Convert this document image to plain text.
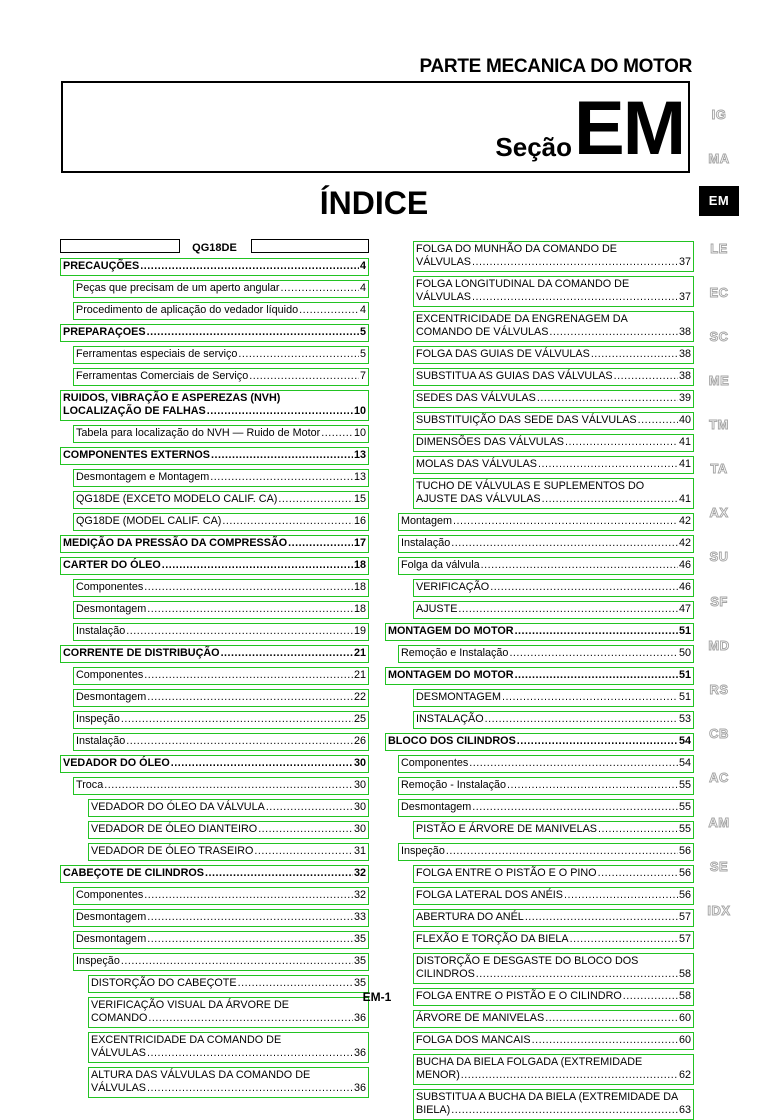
PARTE MECANICA DO MOTOR
Seção EM
ÍNDICE
IG
MA
EM
LE
EC
SC
ME
TM
TA
AX
SU
SF
MD
RS
CB
AC
AM
SE
IDX
QG18DE
PRECAUÇÕES .....	4
Peças que precisam de um aperto angular .....	4
Procedimento de aplicação do vedador líquido .....	4
PREPARAÇOES .....	5
Ferramentas especiais de serviço .....	5
Ferramentas Comerciais de Serviço .....	7
RUIDOS, VIBRAÇÃO E ASPEREZAS (NVH)
LOCALIZAÇÃO DE FALHAS .....	10
Tabela para localização do NVH — Ruido de Motor .....	10
COMPONENTES EXTERNOS .....	13
Desmontagem e Montagem .....	13
QG18DE (EXCETO MODELO CALIF. CA) .....	15
QG18DE (MODEL CALIF. CA) .....	16
MEDIÇÃO DA PRESSÃO DA COMPRESSÃO .....	17
CARTER DO ÓLEO .....	18
Componentes .....	18
Desmontagem .....	18
Instalação .....	19
CORRENTE DE DISTRIBUÇÃO .....	21
Componentes .....	21
Desmontagem .....	22
Inspeção .....	25
Instalação .....	26
VEDADOR DO ÓLEO .....	30
Troca .....	30
VEDADOR DO ÓLEO DA VÁLVULA .....	30
VEDADOR DE ÓLEO DIANTEIRO .....	30
VEDADOR DE ÓLEO TRASEIRO .....	31
CABEÇOTE DE CILINDROS .....	32
Componentes .....	32
Desmontagem .....	33
Desmontagem .....	35
Inspeção .....	35
DISTORÇÃO DO CABEÇOTE .....	35
VERIFICAÇÃO VISUAL DA ÁRVORE DE
COMANDO .....	36
EXCENTRICIDADE DA COMANDO DE
VÁLVULAS .....	36
ALTURA DAS VÁLVULAS DA COMANDO DE
VÁLVULAS .....	36
FOLGA DO MUNHÃO DA COMANDO DE
VÁLVULAS .....	37
FOLGA LONGITUDINAL DA COMANDO DE
VÁLVULAS .....	37
EXCENTRICIDADE DA ENGRENAGEM DA
COMANDO DE VÁLVULAS .....	38
FOLGA DAS GUIAS DE VÁLVULAS .....	38
SUBSTITUA AS GUIAS DAS VÁLVULAS .....	38
SEDES DAS VÁLVULAS .....	39
SUBSTITUIÇÃO DAS SEDE DAS VÁLVULAS .....	40
DIMENSÕES DAS VÁLVULAS .....	41
MOLAS DAS VÁLVULAS .....	41
TUCHO DE VÁLVULAS E SUPLEMENTOS DO
AJUSTE DAS VÁLVULAS .....	41
Montagem .....	42
Instalação .....	42
Folga da válvula .....	46
VERIFICAÇÃO .....	46
AJUSTE .....	47
MONTAGEM DO MOTOR .....	51
Remoção e Instalação .....	50
MONTAGEM DO MOTOR .....	51
DESMONTAGEM .....	51
INSTALAÇÃO .....	53
BLOCO DOS CILINDROS .....	54
Componentes .....	54
Remoção - Instalação .....	55
Desmontagem .....	55
PISTÃO E ÁRVORE DE MANIVELAS .....	55
Inspeção .....	56
FOLGA ENTRE O PISTÃO E O PINO .....	56
FOLGA LATERAL DOS ANÉIS .....	56
ABERTURA DO ANÉL .....	57
FLEXÃO E TORÇÃO DA BIELA .....	57
DISTORÇÃO E DESGASTE DO BLOCO DOS
CILINDROS .....	58
FOLGA ENTRE O PISTÃO E O CILINDRO .....	58
ÁRVORE DE MANIVELAS .....	60
FOLGA DOS MANCAIS .....	60
BUCHA DA BIELA FOLGADA (EXTREMIDADE
MENOR) .....	62
SUBSTITUA A BUCHA DA BIELA (EXTREMIDADE DA
BIELA) .....	63
EM-1
